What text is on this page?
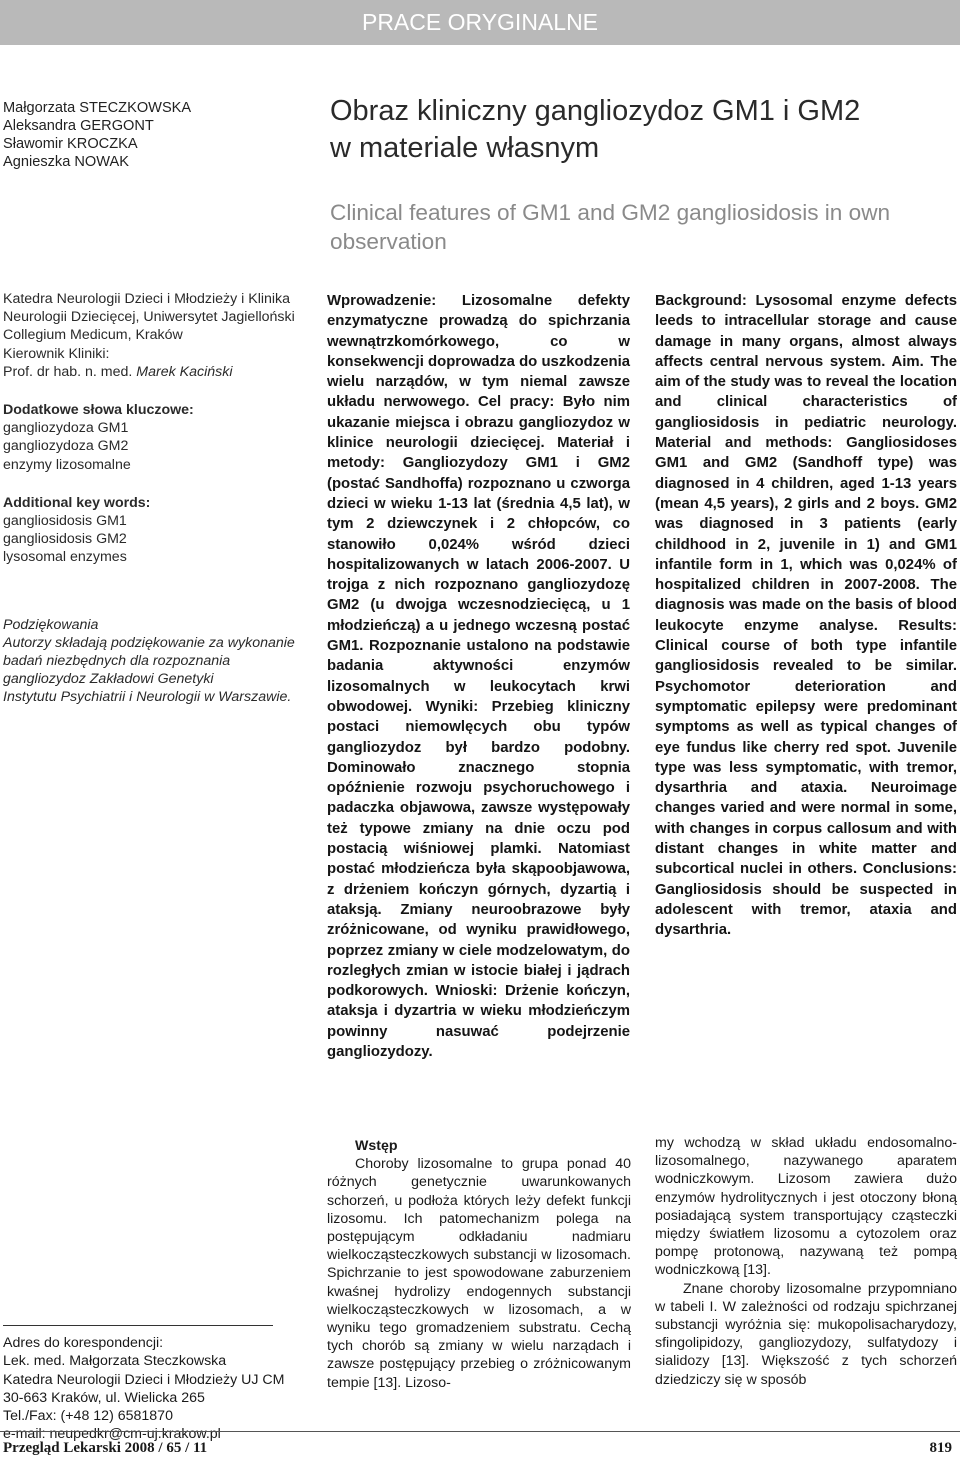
PRACE ORYGINALNE
Małgorzata STECZKOWSKA
Aleksandra GERGONT
Sławomir KROCZKA
Agnieszka NOWAK
Obraz kliniczny gangliozydoz GM1 i GM2
w materiale własnym
Clinical features of GM1 and GM2 gangliosidosis in own observation
Katedra Neurologii Dzieci i Młodzieży i Klinika
Neurologii Dziecięcej, Uniwersytet Jagielloński
Collegium Medicum, Kraków
Kierownik Kliniki:
Prof. dr hab. n. med. Marek Kaciński
Dodatkowe słowa kluczowe:
gangliozydoza GM1
gangliozydoza GM2
enzymy lizosomalne
Additional key words:
gangliosidosis GM1
gangliosidosis GM2
lysosomal enzymes
Podziękowania
Autorzy składają podziękowanie za wykonanie
badań niezbędnych dla rozpoznania
gangliozydoz Zakładowi Genetyki
Instytutu Psychiatrii i Neurologii w Warszawie.
Wprowadzenie: Lizosomalne defekty enzymatyczne prowadzą do spichrzania wewnątrzkomórkowego, co w konsekwencji doprowadza do uszkodzenia wielu narządów, w tym niemal zawsze układu nerwowego. Cel pracy: Było nim ukazanie miejsca i obrazu gangliozydoz w klinice neurologii dziecięcej. Materiał i metody: Gangliozydozy GM1 i GM2 (postać Sandhoffa) rozpoznano u czworga dzieci w wieku 1-13 lat (średnia 4,5 lat), w tym 2 dziewczynek i 2 chłopców, co stanowiło 0,024% wśród dzieci hospitalizowanych w latach 2006-2007. U trojga z nich rozpoznano gangliozydozę GM2 (u dwojga wczesnodziecięcą, u 1 młodzieńczą) a u jednego wczesną postać GM1. Rozpoznanie ustalono na podstawie badania aktywności enzymów lizosomalnych w leukocytach krwi obwodowej. Wyniki: Przebieg kliniczny postaci niemowlęcych obu typów gangliozydoz był bardzo podobny. Dominowało znacznego stopnia opóźnienie rozwoju psychoruchowego i padaczka objawowa, zawsze występowały też typowe zmiany na dnie oczu pod postacią wiśniowej plamki. Natomiast postać młodzieńcza była skąpoobjawowa, z drżeniem kończyn górnych, dyzartią i ataksją. Zmiany neuroobrazowe były zróżnicowane, od wyniku prawidłowego, poprzez zmiany w ciele modzelowatym, do rozległych zmian w istocie białej i jądrach podkorowych. Wnioski: Drżenie kończyn, ataksja i dyzartria w wieku młodzieńczym powinny nasuwać podejrzenie gangliozydozy.
Background: Lysosomal enzyme defects leeds to intracellular storage and cause damage in many organs, almost always affects central nervous system. Aim. The aim of the study was to reveal the location and clinical characteristics of gangliosidosis in pediatric neurology. Material and methods: Gangliosidoses GM1 and GM2 (Sandhoff type) was diagnosed in 4 children, aged 1-13 years (mean 4,5 years), 2 girls and 2 boys. GM2 was diagnosed in 3 patients (early childhood in 2, juvenile in 1) and GM1 infantile form in 1, which was 0,024% of hospitalized children in 2007-2008. The diagnosis was made on the basis of blood leukocyte enzyme analyse. Results: Clinical course of both type infantile gangliosidosis revealed to be similar. Psychomotor deterioration and symptomatic epilepsy were predominant symptoms as well as typical changes of eye fundus like cherry red spot. Juvenile type was less symptomatic, with tremor, dysarthria and ataxia. Neuroimage changes varied and were normal in some, with changes in corpus callosum and with distant changes in white matter and subcortical nuclei in others. Conclusions: Gangliosidosis should be suspected in adolescent with tremor, ataxia and dysarthria.
Adres do korespondencji:
Lek. med. Małgorzata Steczkowska
Katedra Neurologii Dzieci i Młodzieży UJ CM
30-663 Kraków, ul. Wielicka 265
Tel./Fax: (+48 12) 6581870
e-mail: neupedkr@cm-uj.krakow.pl
Wstęp

Choroby lizosomalne to grupa ponad 40 różnych genetycznie uwarunkowanych schorzeń, u podłoża których leży defekt funkcji lizosomu. Ich patomechanizm polega na postępującym odkładaniu nadmiaru wielkocząsteczkowych substancji w lizosomach. Spichrzanie to jest spowodowane zaburzeniem kwaśnej hydrolizy endogennych substancji wielkocząsteczkowych w lizosomach, a w wyniku tego gromadzeniem substratu. Cechą tych chorób są zmiany w wielu narządach i zawsze postępujący przebieg o zróżnicowanym tempie [13]. Lizoso-

my wchodzą w skład układu endosomalno-lizosomalnego, nazywanego aparatem wodniczkowym. Lizosom zawiera dużo enzymów hydrolitycznych i jest otoczony błoną posiadającą system transportujący cząsteczki między światłem lizosomu a cytozolem oraz pompę protonową, nazywaną też pompą wodniczkową [13].

Znane choroby lizosomalne przypomniano w tabeli I. W zależności od rodzaju spichrzanej substancji wyróżnia się: mukopolisacharydozy, sfingolipidozy, gangliozydozy, sulfatydozy i sialidozy [13]. Większość z tych schorzeń dziedziczy się w sposób

Przegląd Lekarski 2008 / 65 / 11	819
